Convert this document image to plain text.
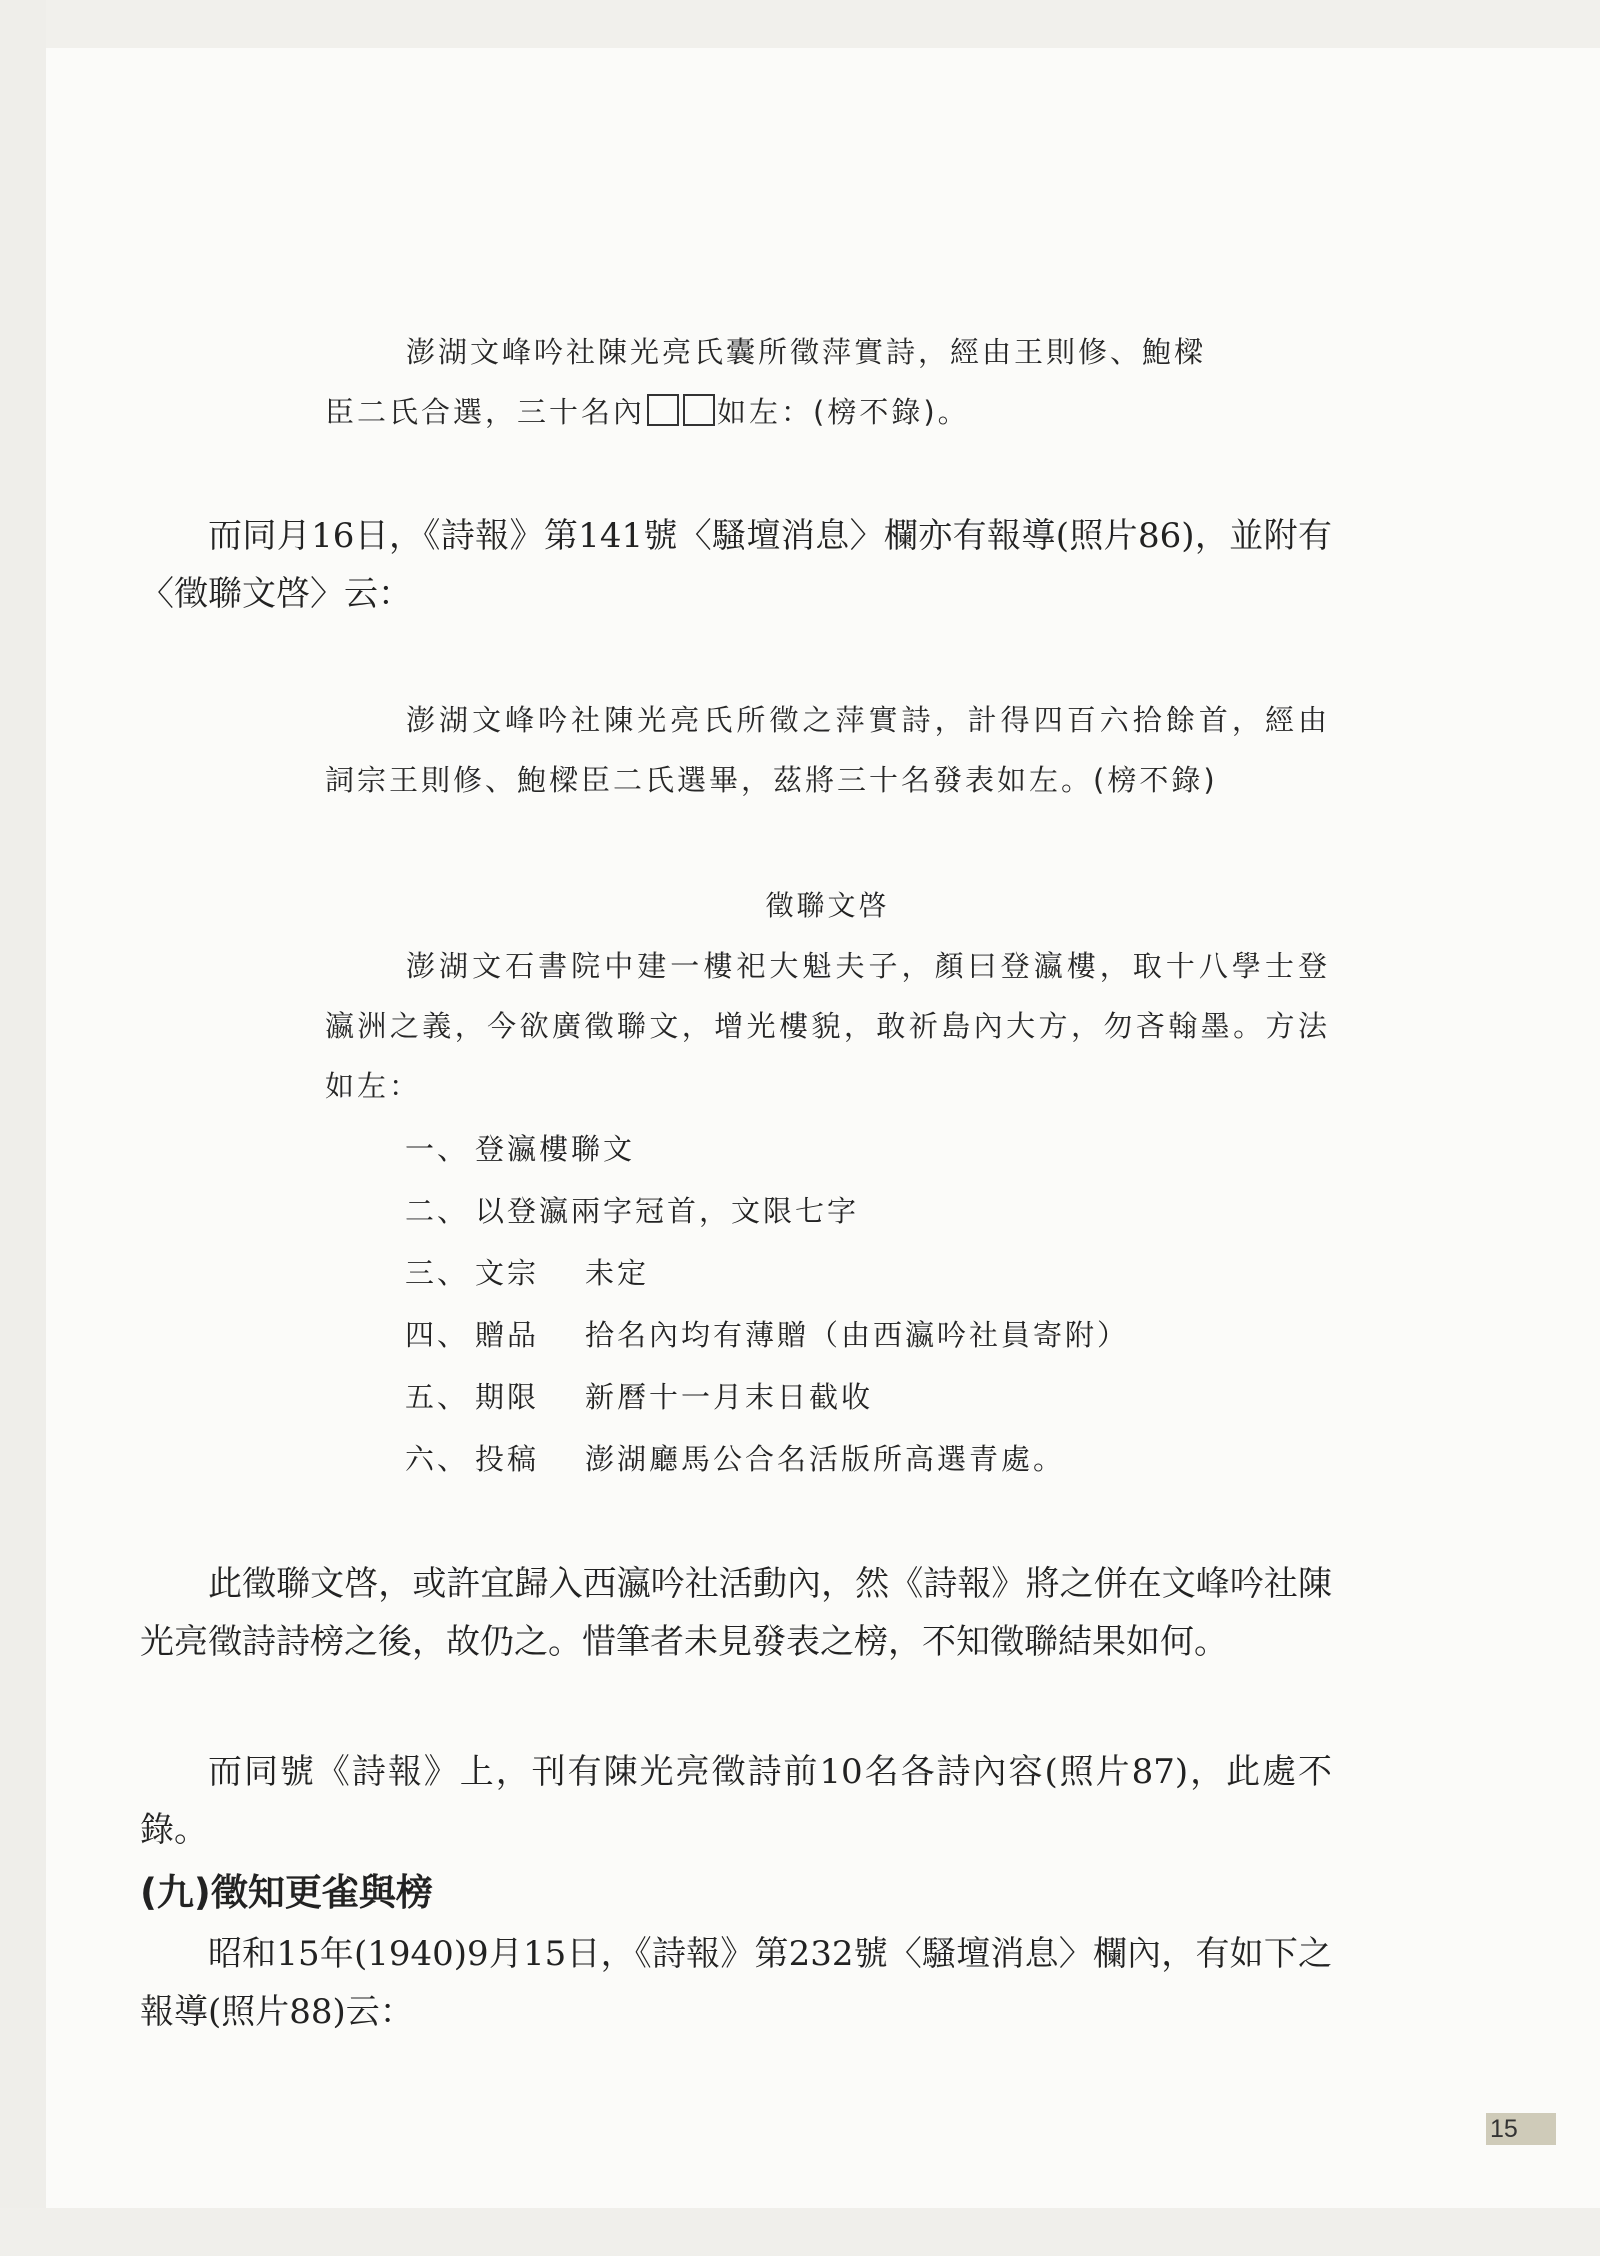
澎湖文峰吟社陳光亮氏囊所徵萍實詩，經由王則修、鮑樑
臣二氏合選，三十名內 如左：(榜不錄)。

而同月16日，《詩報》第141號〈騷壇消息〉欄亦有報導(照片86)，並附有〈徵聯文啓〉云：

澎湖文峰吟社陳光亮氏所徵之萍實詩，計得四百六拾餘首，經由詞宗王則修、鮑樑臣二氏選畢，茲將三十名發表如左。(榜不錄)

徵聯文啓

澎湖文石書院中建一樓祀大魁夫子，顏曰登瀛樓，取十八學士登瀛洲之義，今欲廣徵聯文，增光樓貌，敢祈島內大方，勿吝翰墨。方法如左：

一、 登瀛樓聯文
二、 以登瀛兩字冠首，文限七字
三、 文宗 未定
四、 贈品 拾名內均有薄贈（由西瀛吟社員寄附）
五、 期限 新曆十一月末日截收
六、 投稿 澎湖廳馬公合名活版所高選青處。

此徵聯文啓，或許宜歸入西瀛吟社活動內，然《詩報》將之併在文峰吟社陳光亮徵詩詩榜之後，故仍之。惜筆者未見發表之榜，不知徵聯結果如何。

而同號《詩報》上，刊有陳光亮徵詩前10名各詩內容(照片87)，此處不錄。

(九)徵知更雀與榜

昭和15年(1940)9月15日，《詩報》第232號〈騷壇消息〉欄內，有如下之報導(照片88)云：

15
